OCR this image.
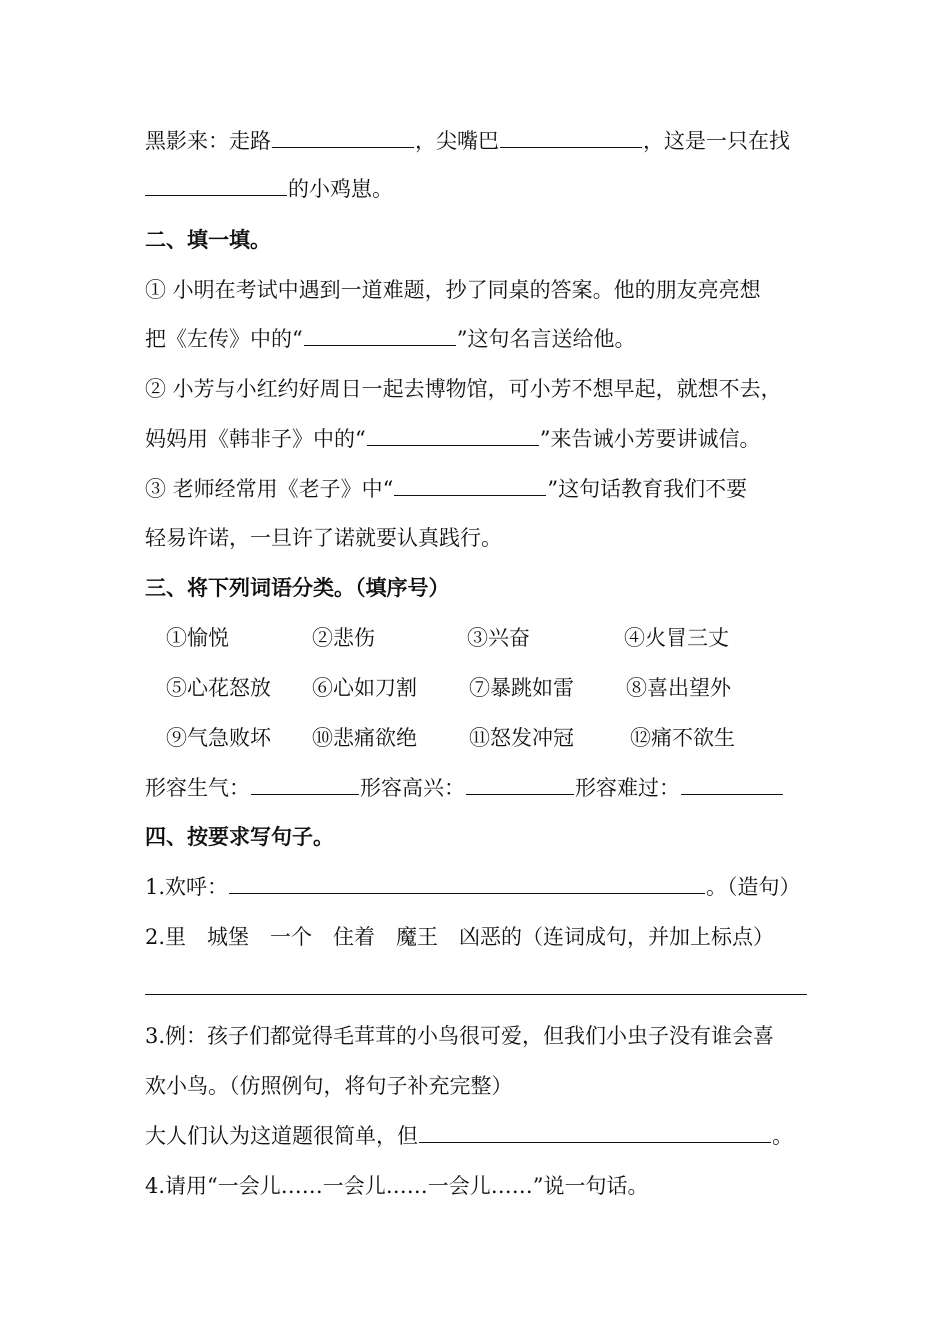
黑影来：走路	，尖嘴巴	，这是一只在找
的小鸡崽。
二、填一填。
① 小明在考试中遇到一道难题，抄了同桌的答案。他的朋友亮亮想
把《左传》中的“	”这句名言送给他。
② 小芳与小红约好周日一起去博物馆，可小芳不想早起，就想不去，
妈妈用《韩非子》中的“	”来告诫小芳要讲诚信。
③ 老师经常用《老子》中“	”这句话教育我们不要
轻易许诺，一旦许了诺就要认真践行。
三、将下列词语分类。（填序号）
①愉悦	②悲伤	③兴奋	④火冒三丈
⑤心花怒放 ⑥心如刀割 ⑦暴跳如雷 ⑧喜出望外
⑨气急败坏 ⑩悲痛欲绝 ⑪怒发冲冠	⑫痛不欲生
形容生气：	形容高兴：	形容难过：
四、按要求写句子。
1.欢呼：	。（造句）
2.里　城堡　一个　住着　魔王　凶恶的（连词成句，并加上标点）
3.例：孩子们都觉得毛茸茸的小鸟很可爱，但我们小虫子没有谁会喜
欢小鸟。（仿照例句，将句子补充完整）
大人们认为这道题很简单，但	。
4.请用“一会儿……一会儿……一会儿……”说一句话。
